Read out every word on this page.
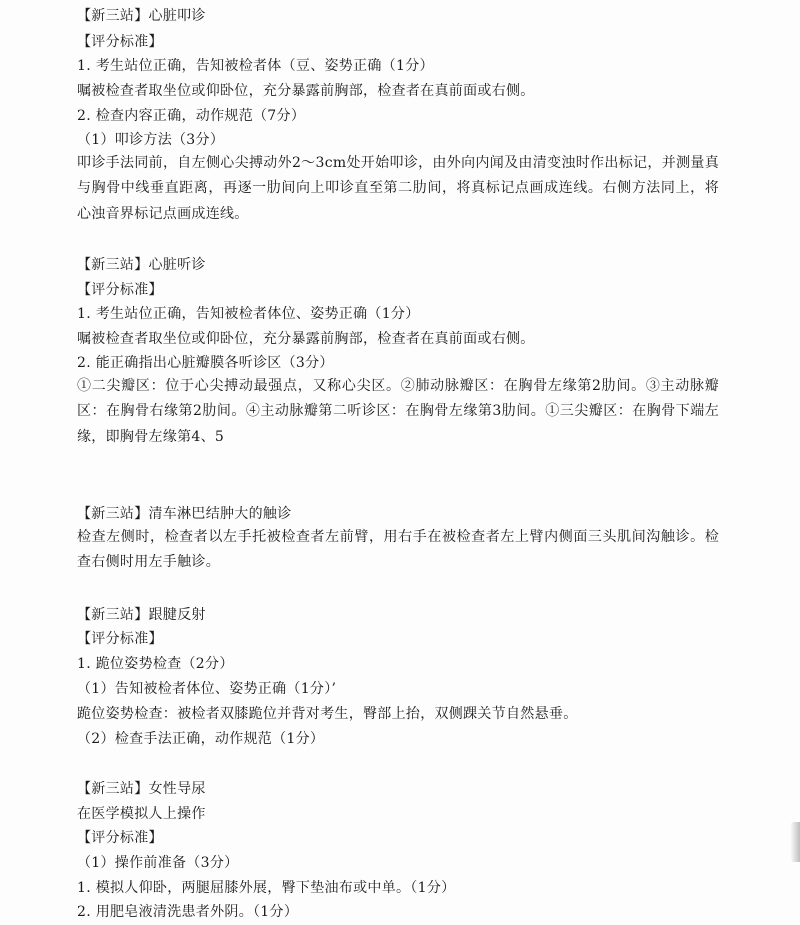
【新三站】心脏叩诊
【评分标准】
1. 考生站位正确，告知被检者体（豆、姿势正确（1分）
嘱被检查者取坐位或仰卧位，充分暴露前胸部，检查者在真前面或右侧。
2. 检查内容正确，动作规范（7分）
（1）叩诊方法（3分）
叩诊手法同前，自左侧心尖搏动外2～3cm处开始叩诊，由外向内闻及由清变浊时作出标记，并测量真与胸骨中线垂直距离，再逐一肋间向上叩诊直至第二肋间，将真标记点画成连线。右侧方法同上，将心浊音界标记点画成连线。
【新三站】心脏听诊
【评分标准】
1. 考生站位正确，告知被检者体位、姿势正确（1分）
嘱被检查者取坐位或仰卧位，充分暴露前胸部，检查者在真前面或右侧。
2. 能正确指出心脏瓣膜各听诊区（3分）
①二尖瓣区：位于心尖搏动最强点，又称心尖区。②肺动脉瓣区：在胸骨左缘第2肋间。③主动脉瓣区：在胸骨右缘第2肋间。④主动脉瓣第二听诊区：在胸骨左缘第3肋间。①三尖瓣区：在胸骨下端左缘，即胸骨左缘第4、5
【新三站】清车淋巴结肿大的触诊
检查左侧时，检查者以左手托被检查者左前臂，用右手在被检查者左上臂内侧面三头肌间沟触诊。检查右侧时用左手触诊。
【新三站】跟腱反射
【评分标准】
1. 跪位姿势检查（2分）
（1）告知被检者体位、姿势正确（1分）’
跪位姿势检查：被检者双膝跪位并背对考生，臀部上抬，双侧踝关节自然悬垂。
（2）检查手法正确，动作规范（1分）
【新三站】女性导尿
在医学模拟人上操作
【评分标准】
（1）操作前准备（3分）
1. 模拟人仰卧，两腿屈膝外展，臀下垫油布或中单。（1分）
2. 用肥皂液清洗患者外阴。（1分）
